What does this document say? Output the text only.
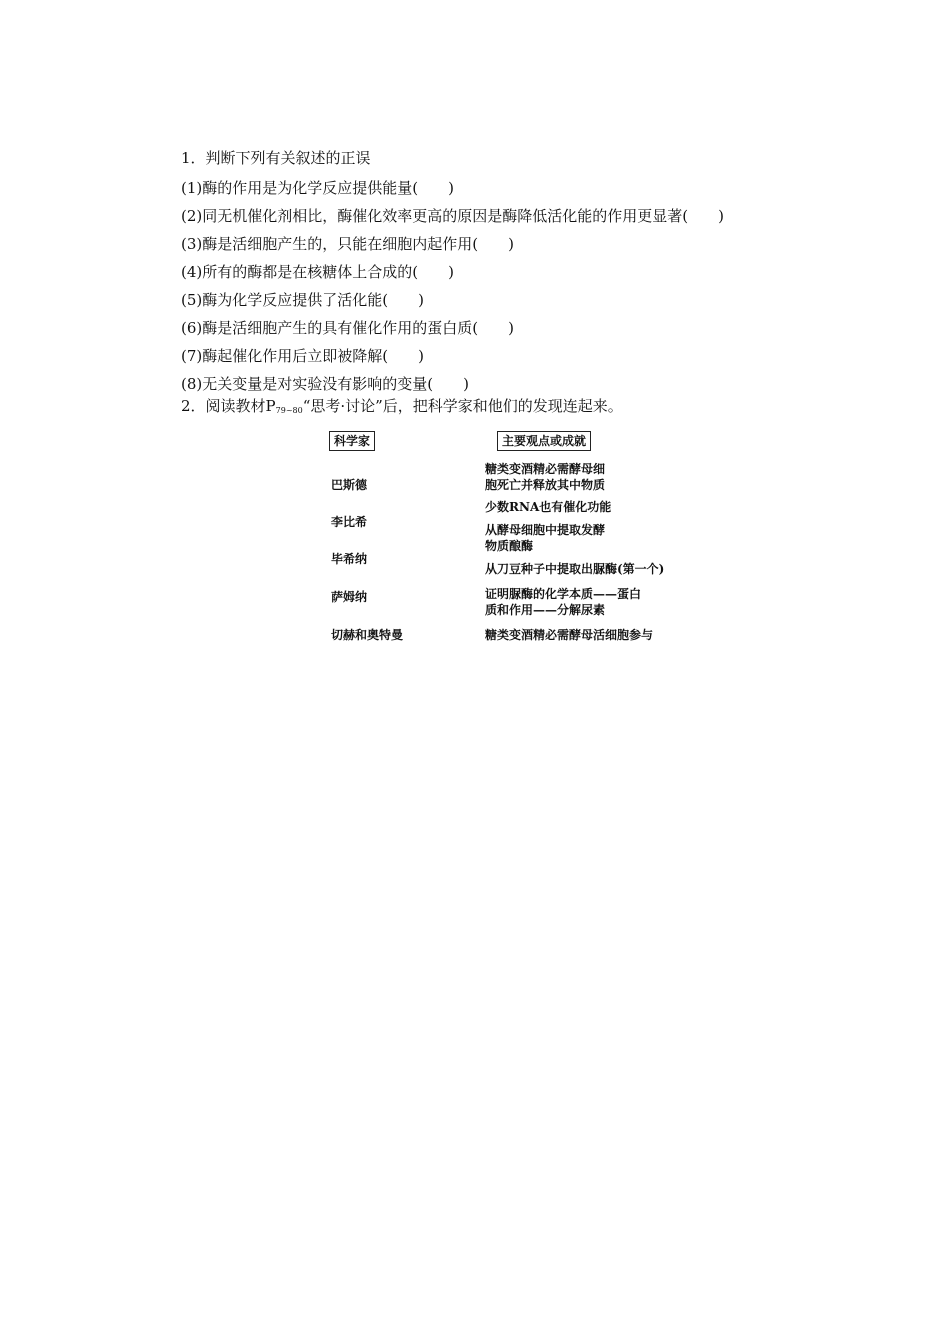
1．判断下列有关叙述的正误
(1)酶的作用是为化学反应提供能量(　　)
(2)同无机催化剂相比，酶催化效率更高的原因是酶降低活化能的作用更显著(　　)
(3)酶是活细胞产生的，只能在细胞内起作用(　　)
(4)所有的酶都是在核糖体上合成的(　　)
(5)酶为化学反应提供了活化能(　　)
(6)酶是活细胞产生的具有催化作用的蛋白质(　　)
(7)酶起催化作用后立即被降解(　　)
(8)无关变量是对实验没有影响的变量(　　)
2．阅读教材$P_{79\sim 80}“$思考·讨论”后，把科学家和他们的发现连起来。
科学家	主要观点或成就
巴斯德
李比希
毕希纳
萨姆纳
切赫和奥特曼
糖类变酒精必需酵母细
胞死亡并释放其中物质
少数RNA也有催化功能
从酵母细胞中提取发酵
物质酿酶
从刀豆种子中提取出脲酶(第一个)
证明脲酶的化学本质——蛋白
质和作用——分解尿素
糖类变酒精必需酵母活细胞参与
